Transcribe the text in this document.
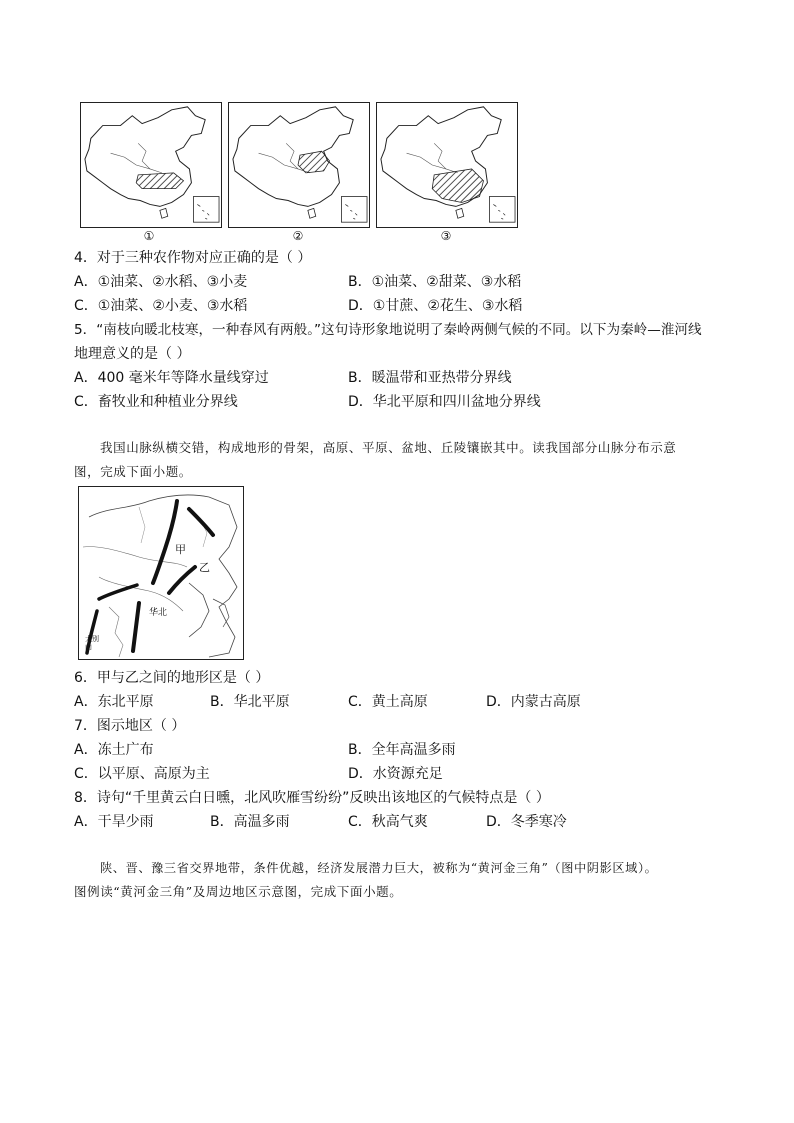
①	②	③
4．对于三种农作物对应正确的是（ ）
A．①油菜、②水稻、③小麦	B．①油菜、②甜菜、③水稻
C．①油菜、②小麦、③水稻	D．①甘蔗、②花生、③水稻
5．“南枝向暖北枝寒，一种春风有两般。”这句诗形象地说明了秦岭两侧气候的不同。以下为秦岭—淮河线
地理意义的是（ ）
A．400 毫米年等降水量线穿过	B．暖温带和亚热带分界线
C．畜牧业和种植业分界线	D．华北平原和四川盆地分界线
我国山脉纵横交错，构成地形的骨架，高原、平原、盆地、丘陵镶嵌其中。读我国部分山脉分布示意
图，完成下面小题。
甲
乙
华北
大别山
6．甲与乙之间的地形区是（ ）
A．东北平原	B．华北平原	C．黄土高原	D．内蒙古高原
7．图示地区（ ）
A．冻土广布	B．全年高温多雨
C．以平原、高原为主	D．水资源充足
8．诗句“千里黄云白日曛，北风吹雁雪纷纷”反映出该地区的气候特点是（ ）
A．干旱少雨	B．高温多雨	C．秋高气爽	D．冬季寒冷
陕、晋、豫三省交界地带，条件优越，经济发展潜力巨大，被称为“黄河金三角”（图中阴影区域）。
图例读“黄河金三角”及周边地区示意图，完成下面小题。
